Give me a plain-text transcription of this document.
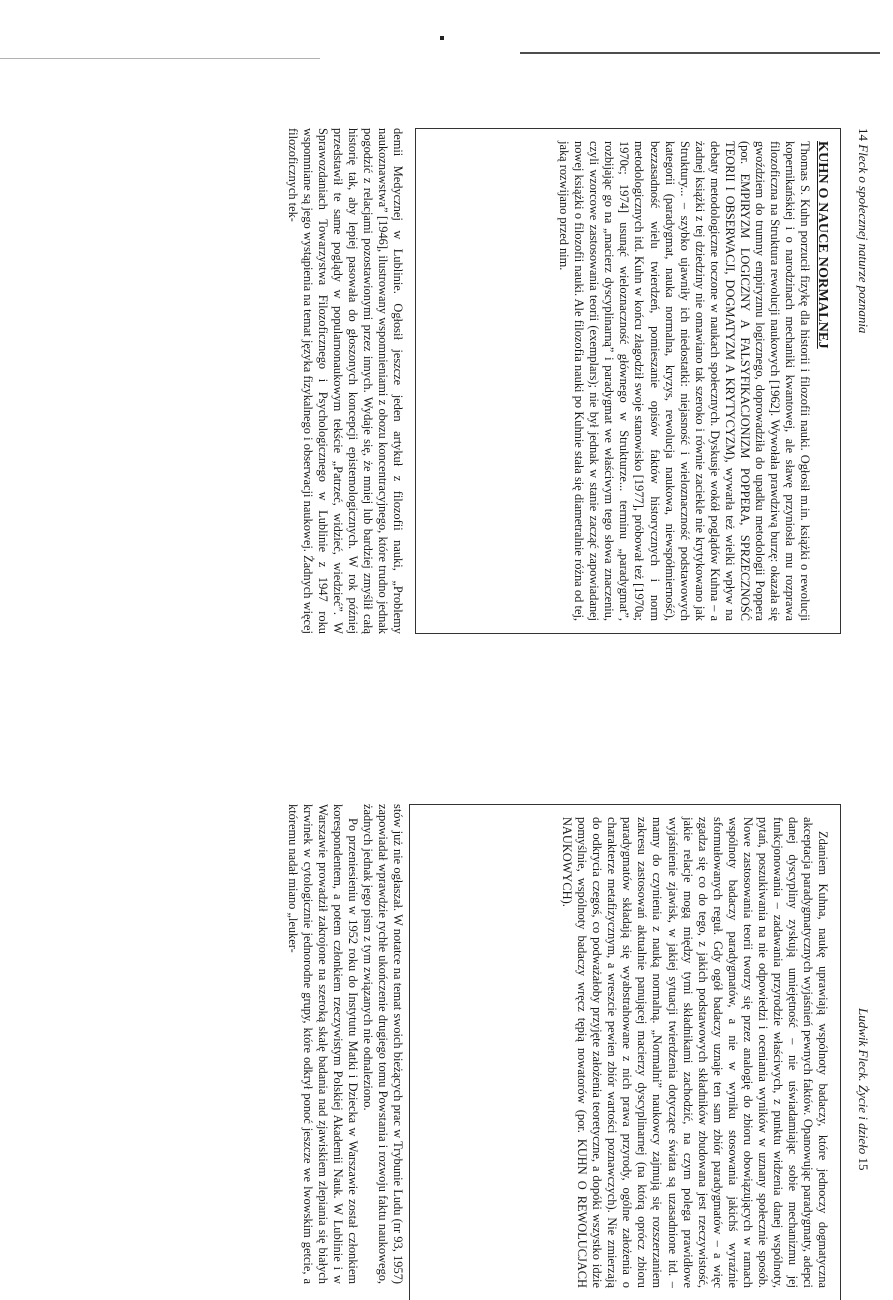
14 Fleck o społecznej naturze poznania
Ludwik Fleck. Życie i dzieło 15
KUHN O NAUCE NORMALNEJ

Thomas S. Kuhn porzucił fizykę dla historii i filozofii nauki. Ogłosił m.in. książki o rewolucji kopernikańskiej i o narodzinach mechaniki kwantowej, ale sławę przyniosła mu rozprawa filozoficzna na Struktura rewolucji naukowych [1962]. Wywołała prawdziwą burzę: okazała się gwoździem do trumny empiryzmu logicznego, doprowadziła do upadku metodologii Poppera (por. EMPIRYZM LOGICZNY A FALSYFIKACJONIZM POPPERA, SPRZECZNOŚĆ TEORII I OBSERWACJI, DOGMATYZM A KRYTYCYZM), wywarła też wielki wpływ na debaty metodologiczne toczone w naukach społecznych. Dyskusje wokół poglądów Kuhna – a żadnej książki z tej dziedziny nie omawiano tak szeroko i równie zaciekle nie krytykowano jak Struktury... – szybko ujawniły ich niedostatki: niejasność i wieloznaczność podstawowych kategorii (paradygmat, nauka normalna, kryzys, rewolucja naukowa, niewspółmierność), bezzasadność wielu twierdzeń, pomieszanie opisów faktów historycznych i norm metodologicznych itd. Kuhn w końcu złagodził swoje stanowisko [1977], próbował też [1970a; 1970c; 1974] usunąć wieloznaczność głównego w Strukturze... terminu „paradygmat”, rozbijając go na „macierz dyscyplinarną” i paradygmat we właściwym tego słowa znaczeniu, czyli wzorcowe zastosowania teorii (exemplars); nie był jednak w stanie zacząć zapowiadanej nowej książki o filozofii nauki. Ale filozofia nauki po Kuhnie stała się diametralnie różna od tej, jaką rozwijano przed nim.

demii Medycznej w Lublinie. Ogłosił jeszcze jeden artykuł z filozofii nauki, „Problemy naukoznawstwa” [1946], ilustrowany wspomnieniami z obozu koncentracyjnego, które trudno jednak pogodzić z relacjami pozostawionymi przez innych. Wydaje się, że mniej lub bardziej zmyślił całą historię tak, aby lepiej pasowała do głoszonych koncepcji epistemologicznych. W rok później przedstawił te same poglądy w popularnonaukowym tekście „Patrzeć, widzieć, wiedzieć”. W Sprawozdaniach Towarzystwa Filozoficznego i Psychologicznego w Lublinie z 1947 roku wspomniane są jego wystąpienia na temat języka fizykalnego i obserwacji naukowej. Żadnych więcej filozoficznych tek-

Zdaniem Kuhna, naukę uprawiają wspólnoty badaczy, które jednoczy dogmatyczna akceptacja paradygmatycznych wyjaśnień pewnych faktów. Opanowując paradygmaty, adepci danej dyscypliny zyskują umiejętność – nie uświadamiając sobie mechanizmu jej funkcjonowania – zadawania przyrodzie właściwych, z punktu widzenia danej wspólnoty, pytań, poszukiwania na nie odpowiedzi i oceniania wyników w uznany społecznie sposób. Nowe zastosowania teorii tworzy się przez analogię do zbioru obowiązujących w ramach wspólnoty badaczy paradygmatów, a nie w wyniku stosowania jakichś wyraźnie sformułowanych reguł. Gdy ogół badaczy uznaje ten sam zbiór paradygmatów – a więc zgadza się co do tego, z jakich podstawowych składników zbudowana jest rzeczywistość, jakie relacje mogą między tymi składnikami zachodzić, na czym polega prawidłowe wyjaśnienie zjawisk, w jakiej sytuacji twierdzenia dotyczące świata są uzasadnione itd. – mamy do czynienia z nauką normalną. „Normalni” naukowcy zajmują się rozszerzaniem zakresu zastosowań aktualnie panującej macierzy dyscyplinarnej (na którą oprócz zbioru paradygmatów składają się wyabstrahowane z nich prawa przyrody, ogólne założenia o charakterze metafizycznym, a wreszcie pewien zbiór wartości poznawczych). Nie zmierzają do odkrycia czegoś, co podważałoby przyjęte założenia teoretyczne, a dopóki wszystko idzie pomyślnie, wspólnoty badaczy wręcz tępią nowatorów (por. KUHN O REWOLUCJACH NAUKOWYCH).

stów już nie ogłaszał. W notatce na temat swoich bieżących prac w Trybunie Ludu (nr 93, 1957) zapowiadał wprawdzie rychłe ukończenie drugiego tomu Powstania i rozwoju faktu naukowego, żadnych jednak jego pism z tym związanych nie odnaleziono.

Po przeniesieniu w 1952 roku do Instytutu Matki i Dziecka w Warszawie został członkiem korespondentem, a potem członkiem rzeczywistym Polskiej Akademii Nauk. W Lublinie i w Warszawie prowadził zakrojone na szeroką skalę badania nad zjawiskiem zlepiania się białych krwinek w cytologicznie jednorodne grupy, które odkrył ponoć jeszcze we lwowskim getcie, a któremu nadał miano „leuker-
